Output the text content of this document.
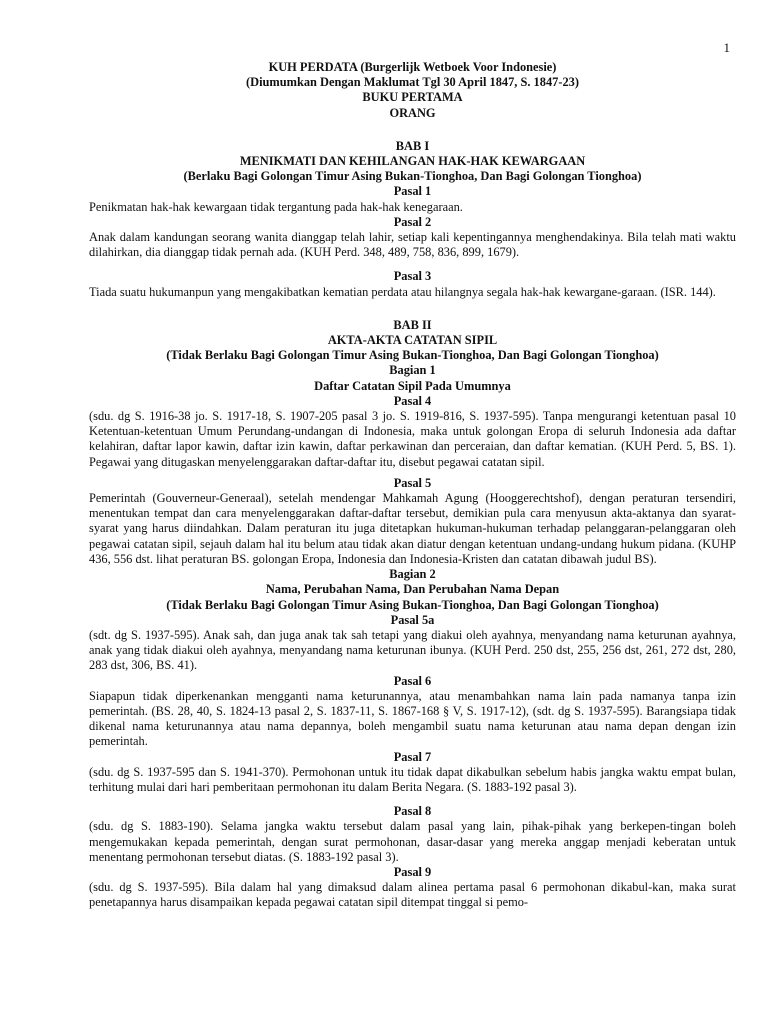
1
KUH PERDATA (Burgerlijk Wetboek Voor Indonesie)
(Diumumkan Dengan Maklumat Tgl 30 April 1847, S. 1847-23)
BUKU PERTAMA
ORANG
BAB I
MENIKMATI DAN KEHILANGAN HAK-HAK KEWARGAAN
(Berlaku Bagi Golongan Timur Asing Bukan-Tionghoa, Dan Bagi Golongan Tionghoa)
Pasal 1

Penikmatan hak-hak kewargaan tidak tergantung pada hak-hak kenegaraan.

Pasal 2

Anak dalam kandungan seorang wanita dianggap telah lahir, setiap kali kepentingannya menghendakinya. Bila telah mati waktu dilahirkan, dia dianggap tidak pernah ada. (KUH Perd. 348, 489, 758, 836, 899, 1679).

Pasal 3

Tiada suatu hukumanpun yang mengakibatkan kematian perdata atau hilangnya segala hak-hak kewargane-garaan. (ISR. 144).

BAB II
AKTA-AKTA CATATAN SIPIL
(Tidak Berlaku Bagi Golongan Timur Asing Bukan-Tionghoa, Dan Bagi Golongan Tionghoa)
Bagian 1
Daftar Catatan Sipil Pada Umumnya
Pasal 4

(sdu. dg S. 1916-38 jo. S. 1917-18, S. 1907-205 pasal 3 jo. S. 1919-816, S. 1937-595). Tanpa mengurangi ketentuan pasal 10 Ketentuan-ketentuan Umum Perundang-undangan di Indonesia, maka untuk golongan Eropa di seluruh Indonesia ada daftar kelahiran, daftar lapor kawin, daftar izin kawin, daftar perkawinan dan perceraian, dan daftar kematian. (KUH Perd. 5, BS. 1). Pegawai yang ditugaskan menyelenggarakan daftar-daftar itu, disebut pegawai catatan sipil.

Pasal 5

Pemerintah (Gouverneur-Generaal), setelah mendengar Mahkamah Agung (Hooggerechtshof), dengan peraturan tersendiri, menentukan tempat dan cara menyelenggarakan daftar-daftar tersebut, demikian pula cara menyusun akta-aktanya dan syarat-syarat yang harus diindahkan. Dalam peraturan itu juga ditetapkan hukuman-hukuman terhadap pelanggaran-pelanggaran oleh pegawai catatan sipil, sejauh dalam hal itu belum atau tidak akan diatur dengan ketentuan undang-undang hukum pidana. (KUHP 436, 556 dst. lihat peraturan BS. golongan Eropa, Indonesia dan Indonesia-Kristen dan catatan dibawah judul BS).

Bagian 2
Nama, Perubahan Nama, Dan Perubahan Nama Depan
(Tidak Berlaku Bagi Golongan Timur Asing Bukan-Tionghoa, Dan Bagi Golongan Tionghoa)
Pasal 5a

(sdt. dg S. 1937-595). Anak sah, dan juga anak tak sah tetapi yang diakui oleh ayahnya, menyandang nama keturunan ayahnya, anak yang tidak diakui oleh ayahnya, menyandang nama keturunan ibunya. (KUH Perd. 250 dst, 255, 256 dst, 261, 272 dst, 280, 283 dst, 306, BS. 41).

Pasal 6

Siapapun tidak diperkenankan mengganti nama keturunannya, atau menambahkan nama lain pada namanya tanpa izin pemerintah. (BS. 28, 40, S. 1824-13 pasal 2, S. 1837-11, S. 1867-168 § V, S. 1917-12), (sdt. dg S. 1937-595). Barangsiapa tidak dikenal nama keturunannya atau nama depannya, boleh mengambil suatu nama keturunan atau nama depan dengan izin pemerintah.

Pasal 7

(sdu. dg S. 1937-595 dan S. 1941-370). Permohonan untuk itu tidak dapat dikabulkan sebelum habis jangka waktu empat bulan, terhitung mulai dari hari pemberitaan permohonan itu dalam Berita Negara. (S. 1883-192 pasal 3).

Pasal 8

(sdu. dg S. 1883-190). Selama jangka waktu tersebut dalam pasal yang lain, pihak-pihak yang berkepen-tingan boleh mengemukakan kepada pemerintah, dengan surat permohonan, dasar-dasar yang mereka anggap menjadi keberatan untuk menentang permohonan tersebut diatas. (S. 1883-192 pasal 3).

Pasal 9

(sdu. dg S. 1937-595). Bila dalam hal yang dimaksud dalam alinea pertama pasal 6 permohonan dikabul-kan, maka surat penetapannya harus disampaikan kepada pegawai catatan sipil ditempat tinggal si pemo-
